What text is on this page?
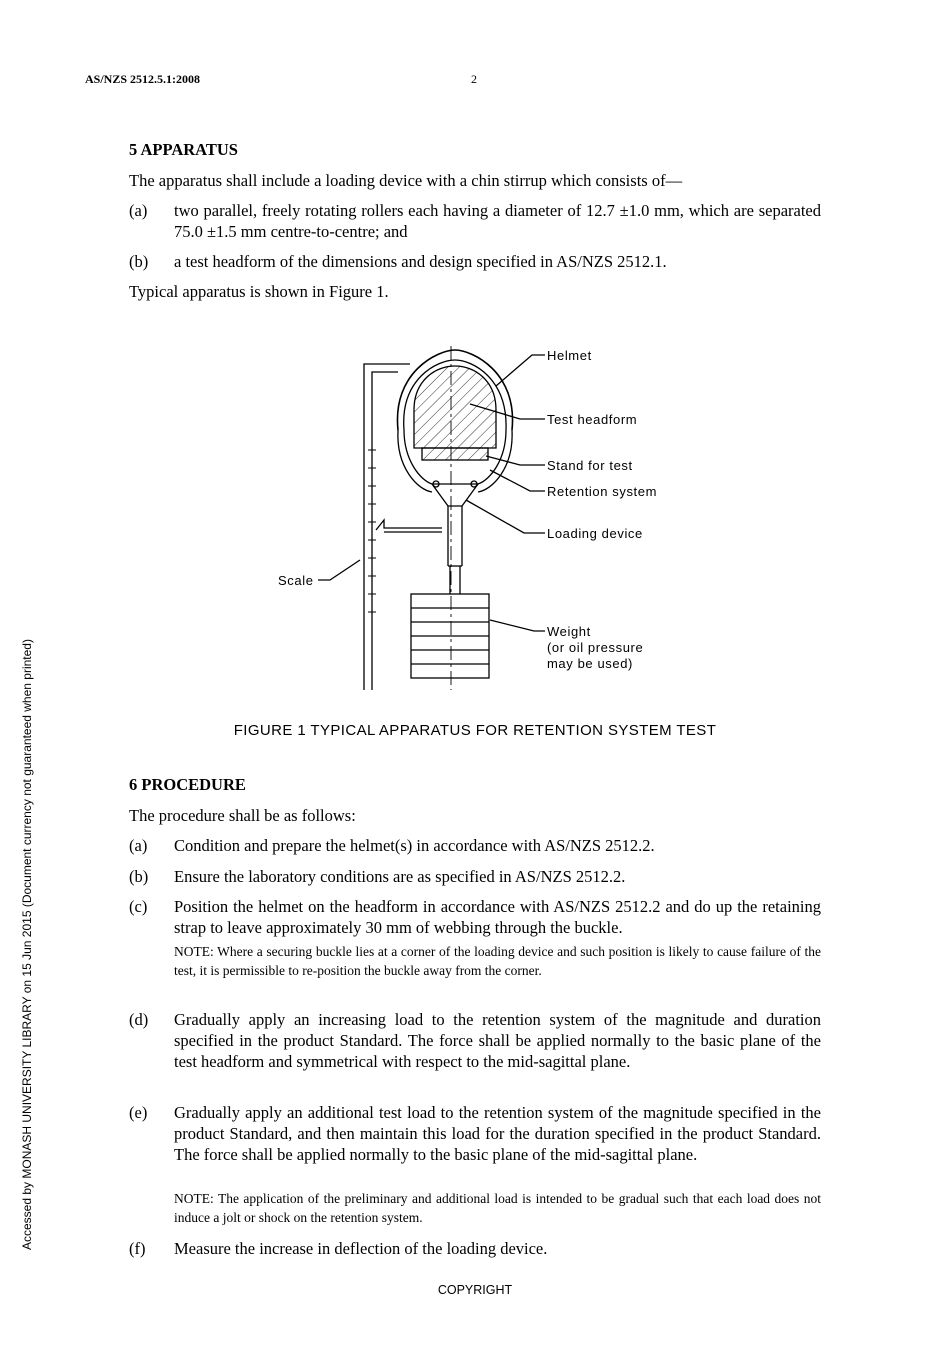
AS/NZS 2512.5.1:2008	2
Accessed by MONASH UNIVERSITY LIBRARY on 15 Jun 2015 (Document currency not guaranteed when printed)
5 APPARATUS
The apparatus shall include a loading device with a chin stirrup which consists of—
(a) two parallel, freely rotating rollers each having a diameter of 12.7 ±1.0 mm, which are separated 75.0 ±1.5 mm centre-to-centre; and
(b) a test headform of the dimensions and design specified in AS/NZS 2512.1.
Typical apparatus is shown in Figure 1.
Helmet
Test headform
Stand for test
Retention system
Loading device
Scale
Weight
(or oil pressure
may be used)
FIGURE 1 TYPICAL APPARATUS FOR RETENTION SYSTEM TEST
6 PROCEDURE
The procedure shall be as follows:
(a) Condition and prepare the helmet(s) in accordance with AS/NZS 2512.2.
(b) Ensure the laboratory conditions are as specified in AS/NZS 2512.2.
(c) Position the helmet on the headform in accordance with AS/NZS 2512.2 and do up the retaining strap to leave approximately 30 mm of webbing through the buckle.
NOTE: Where a securing buckle lies at a corner of the loading device and such position is likely to cause failure of the test, it is permissible to re-position the buckle away from the corner.
(d) Gradually apply an increasing load to the retention system of the magnitude and duration specified in the product Standard. The force shall be applied normally to the basic plane of the test headform and symmetrical with respect to the mid-sagittal plane.
(e) Gradually apply an additional test load to the retention system of the magnitude specified in the product Standard, and then maintain this load for the duration specified in the product Standard. The force shall be applied normally to the basic plane of the mid-sagittal plane.
NOTE: The application of the preliminary and additional load is intended to be gradual such that each load does not induce a jolt or shock on the retention system.
(f) Measure the increase in deflection of the loading device.
COPYRIGHT
